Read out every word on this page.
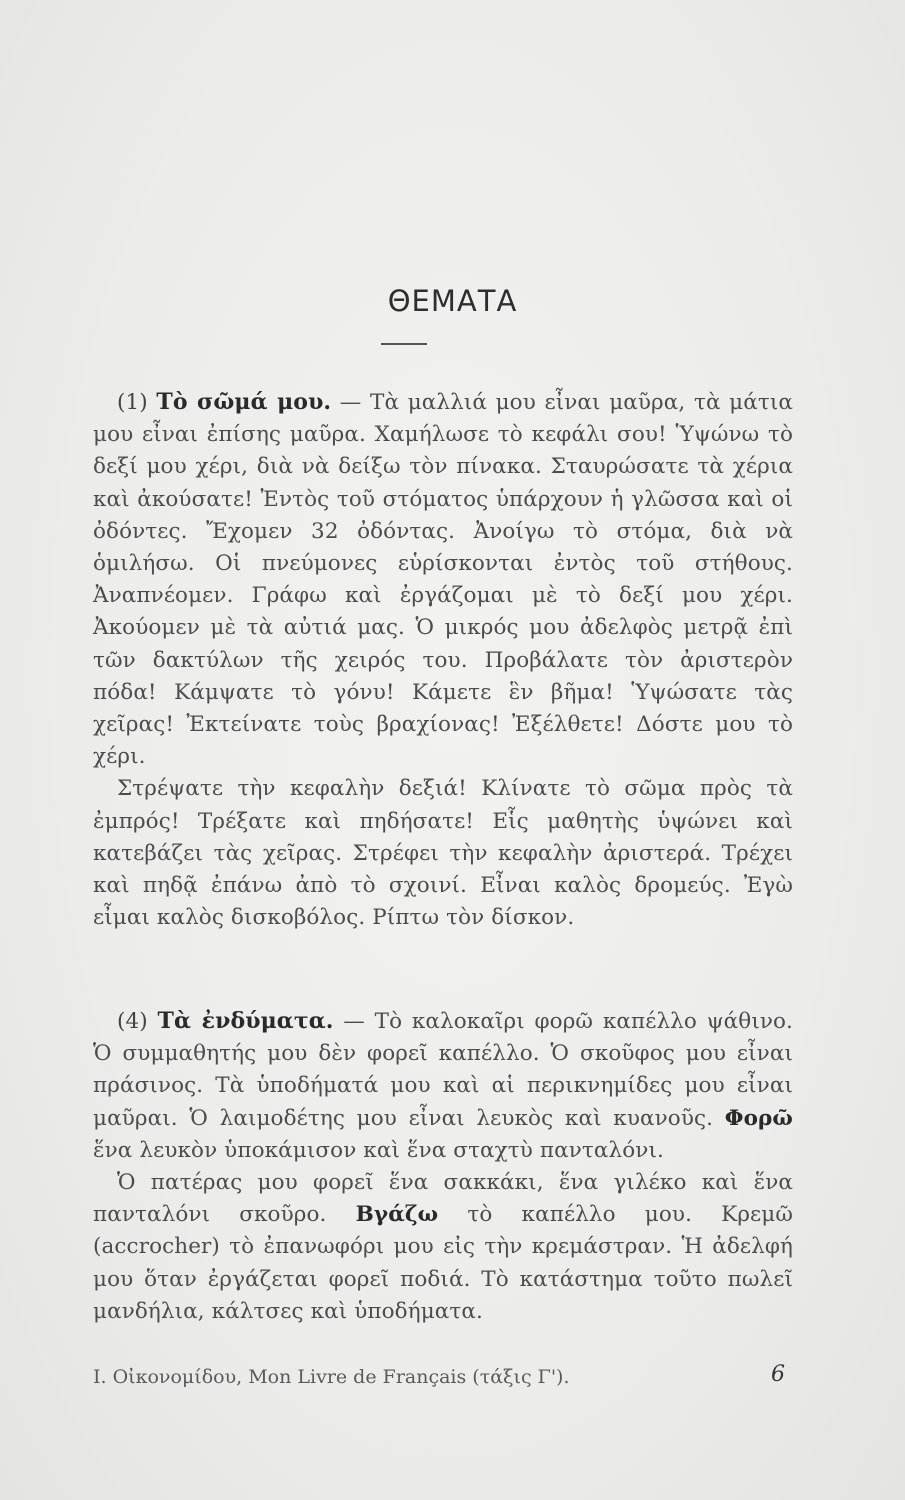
ΘΕΜΑΤΑ

(1) Τὸ σῶμά μου. — Τὰ μαλλιά μου εἶναι μαῦρα, τὰ μάτια μου εἶναι ἐπίσης μαῦρα. Χαμήλωσε τὸ κεφάλι σου! Ὑψώνω τὸ δεξί μου χέρι, διὰ νὰ δείξω τὸν πίνακα. Σταυρώσατε τὰ χέρια καὶ ἀκούσατε! Ἐντὸς τοῦ στόματος ὑπάρχουν ἡ γλῶσσα καὶ οἱ ὀδόντες. Ἔχομεν 32 ὀδόντας. Ἀνοίγω τὸ στόμα, διὰ νὰ ὁμιλήσω. Οἱ πνεύμονες εὑρίσκονται ἐντὸς τοῦ στήθους. Ἀναπνέομεν. Γράφω καὶ ἐργάζομαι μὲ τὸ δεξί μου χέρι. Ἀκούομεν μὲ τὰ αὐτιά μας. Ὁ μικρός μου ἀδελφὸς μετρᾷ ἐπὶ τῶν δακτύλων τῆς χειρός του. Προβάλατε τὸν ἀριστερὸν πόδα! Κάμψατε τὸ γόνυ! Κάμετε ἓν βῆμα! Ὑψώσατε τὰς χεῖρας! Ἐκτείνατε τοὺς βραχίονας! Ἐξέλθετε! Δόστε μου τὸ χέρι.

Στρέψατε τὴν κεφαλὴν δεξιά! Κλίνατε τὸ σῶμα πρὸς τὰ ἐμπρός! Τρέξατε καὶ πηδήσατε! Εἷς μαθητὴς ὑψώνει καὶ κατεβάζει τὰς χεῖρας. Στρέφει τὴν κεφαλὴν ἀριστερά. Τρέχει καὶ πηδᾷ ἐπάνω ἀπὸ τὸ σχοινί. Εἶναι καλὸς δρομεύς. Ἐγὼ εἶμαι καλὸς δισκοβόλος. Ρίπτω τὸν δίσκον.

(4) Τὰ ἐνδύματα. — Τὸ καλοκαῖρι φορῶ καπέλλο ψάθινο. Ὁ συμμαθητής μου δὲν φορεῖ καπέλλο. Ὁ σκοῦφος μου εἶναι πράσινος. Τὰ ὑποδήματά μου καὶ αἱ περικνημίδες μου εἶναι μαῦραι. Ὁ λαιμοδέτης μου εἶναι λευκὸς καὶ κυανοῦς. Φορῶ ἕνα λευκὸν ὑποκάμισον καὶ ἕνα σταχτὺ πανταλόνι.

Ὁ πατέρας μου φορεῖ ἕνα σακκάκι, ἕνα γιλέκο καὶ ἕνα πανταλόνι σκοῦρο. Βγάζω τὸ καπέλλο μου. Κρεμῶ (accrocher) τὸ ἐπανωφόρι μου εἰς τὴν κρεμάστραν. Ἡ ἀδελφή μου ὅταν ἐργάζεται φορεῖ ποδιά. Τὸ κατάστημα τοῦτο πωλεῖ μανδήλια, κάλτσες καὶ ὑποδήματα.

I. Οἰκονομίδου, Mon Livre de Français (τάξις Γ').	6
